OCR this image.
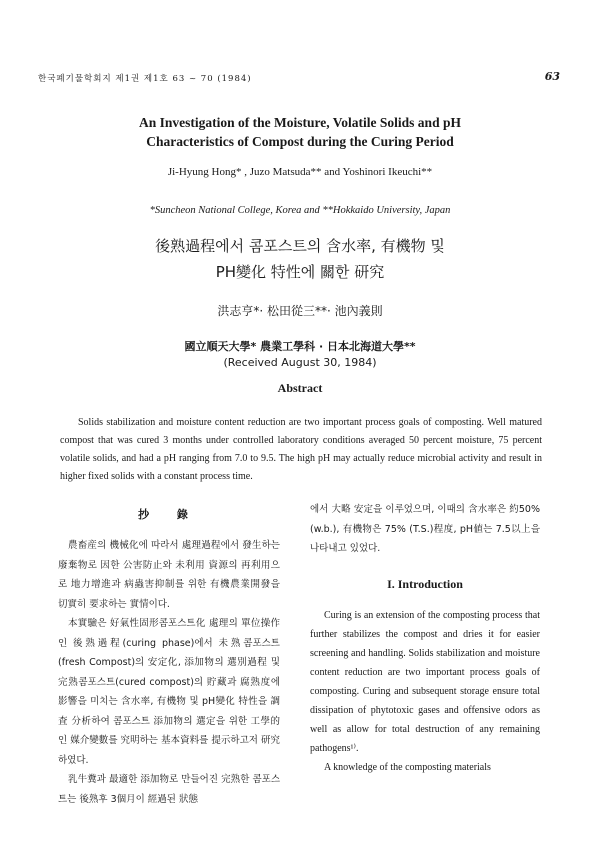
한국폐기물학회지 제1권 제1호 63 ~ 70 (1984)	63
An Investigation of the Moisture, Volatile Solids and pH
Characteristics of Compost during the Curing Period
Ji-Hyung Hong* , Juzo Matsuda** and Yoshinori Ikeuchi**
*Suncheon National College, Korea and **Hokkaido University, Japan
後熟過程에서 콤포스트의 含水率, 有機物 및
PH變化 特性에 關한 研究
洪志亨*· 松田從三**· 池內義則
國立順天大學* 農業工學科 · 日本北海道大學**
(Received August 30, 1984)
Abstract

Solids stabilization and moisture content reduction are two important process goals of composting. Well matured compost that was cured 3 months under controlled laboratory conditions averaged 50 percent moisture, 75 percent volatile solids, and had a pH ranging from 7.0 to 9.5. The high pH may actually reduce microbial activity and result in higher fixed solids with a constant process time.

抄 錄

農畜産의 機械化에 따라서 處理過程에서 發生하는 廢棄物로 因한 公害防止와 未利用 資源의 再利用으로 地力增進과 病蟲害抑制를 위한 有機農業開發을 切實히 要求하는 實情이다.

本實驗은 好氣性固形콤포스트化 處理의 單位操作인 後熟過程(curing phase)에서 未熟콤포스트(fresh Compost)의 安定化, 添加物의 選別過程 및 完熟콤포스트(cured compost)의 貯藏과 腐熟度에 影響을 미치는 含水率, 有機物 및 pH變化 特性을 調査 分析하여 콤포스트 添加物의 選定을 위한 工學的인 媒介變數를 究明하는 基本資料를 提示하고저 研究하였다.

乳牛糞과 最適한 添加物로 만들어진 完熟한 콤포스트는 後熟후 3個月이 經過된 狀態

에서 大略 安定을 이루었으며, 이때의 含水率은 約50% (w.b.), 有機物은 75% (T.S.)程度, pH値는 7.5以上을 나타내고 있었다.

I. Introduction

Curing is an extension of the composting process that further stabilizes the compost and dries it for easier screening and handling. Solids stabilization and moisture content reduction are two important process goals of composting. Curing and subsequent storage ensure total dissipation of phytotoxic gases and offensive odors as well as allow for total destruction of any remaining pathogens¹⁾.

A knowledge of the composting materials
